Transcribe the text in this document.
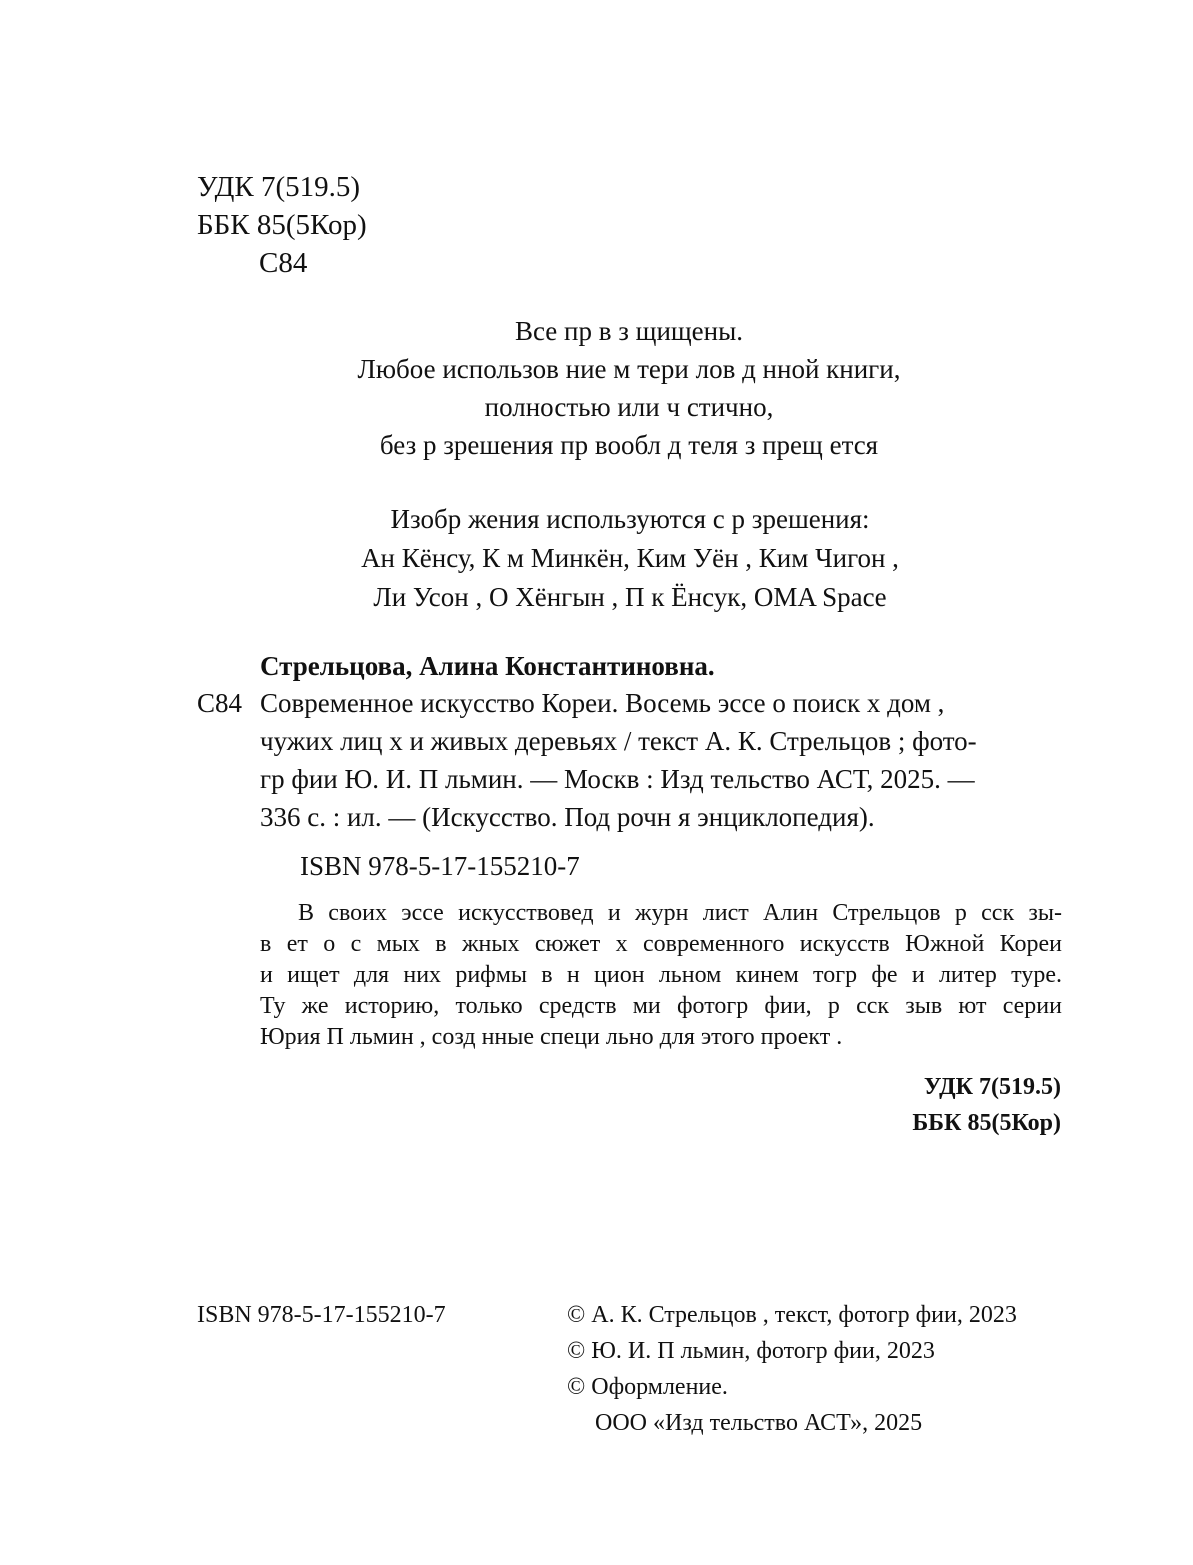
УДК 7(519.5)
ББК 85(5Кор)
С84
Все пр в з щищены.
Любое использов ние м тери лов д нной книги,
полностью или ч стично,
без р зрешения пр вообл д теля з прещ ется
Изобр жения используются с р зрешения:
Ан Кёнсу, К м Минкён, Ким Уён , Ким Чигон ,
Ли Усон , О Хёнгын , П к Ёнсук, OMA Space
Стрельцова, Алина Константиновна.
С84 Современное искусство Кореи. Восемь эссе о поиск х дом ,
чужих лиц х и живых деревьях / текст А. К. Стрельцов ; фото-
гр фии Ю. И. П льмин. — Москв : Изд тельство АСТ, 2025. —
336 с. : ил. — (Искусство. Под рочн я энциклопедия).
ISBN 978-5-17-155210-7
В своих эссе искусствовед и журн лист Алин Стрельцов р сск зы-
в ет о с мых в жных сюжет х современного искусств Южной Кореи
и ищет для них рифмы в н цион льном кинем тогр фе и литер туре.
Ту же историю, только средств ми фотогр фии, р сск зыв ют серии
Юрия П льмин , созд нные специ льно для этого проект .
УДК 7(519.5)
ББК 85(5Кор)
ISBN 978-5-17-155210-7	© А. К. Стрельцов , текст, фотогр фии, 2023
© Ю. И. П льмин, фотогр фии, 2023
© Оформление.
ООО «Изд тельство АСТ», 2025
